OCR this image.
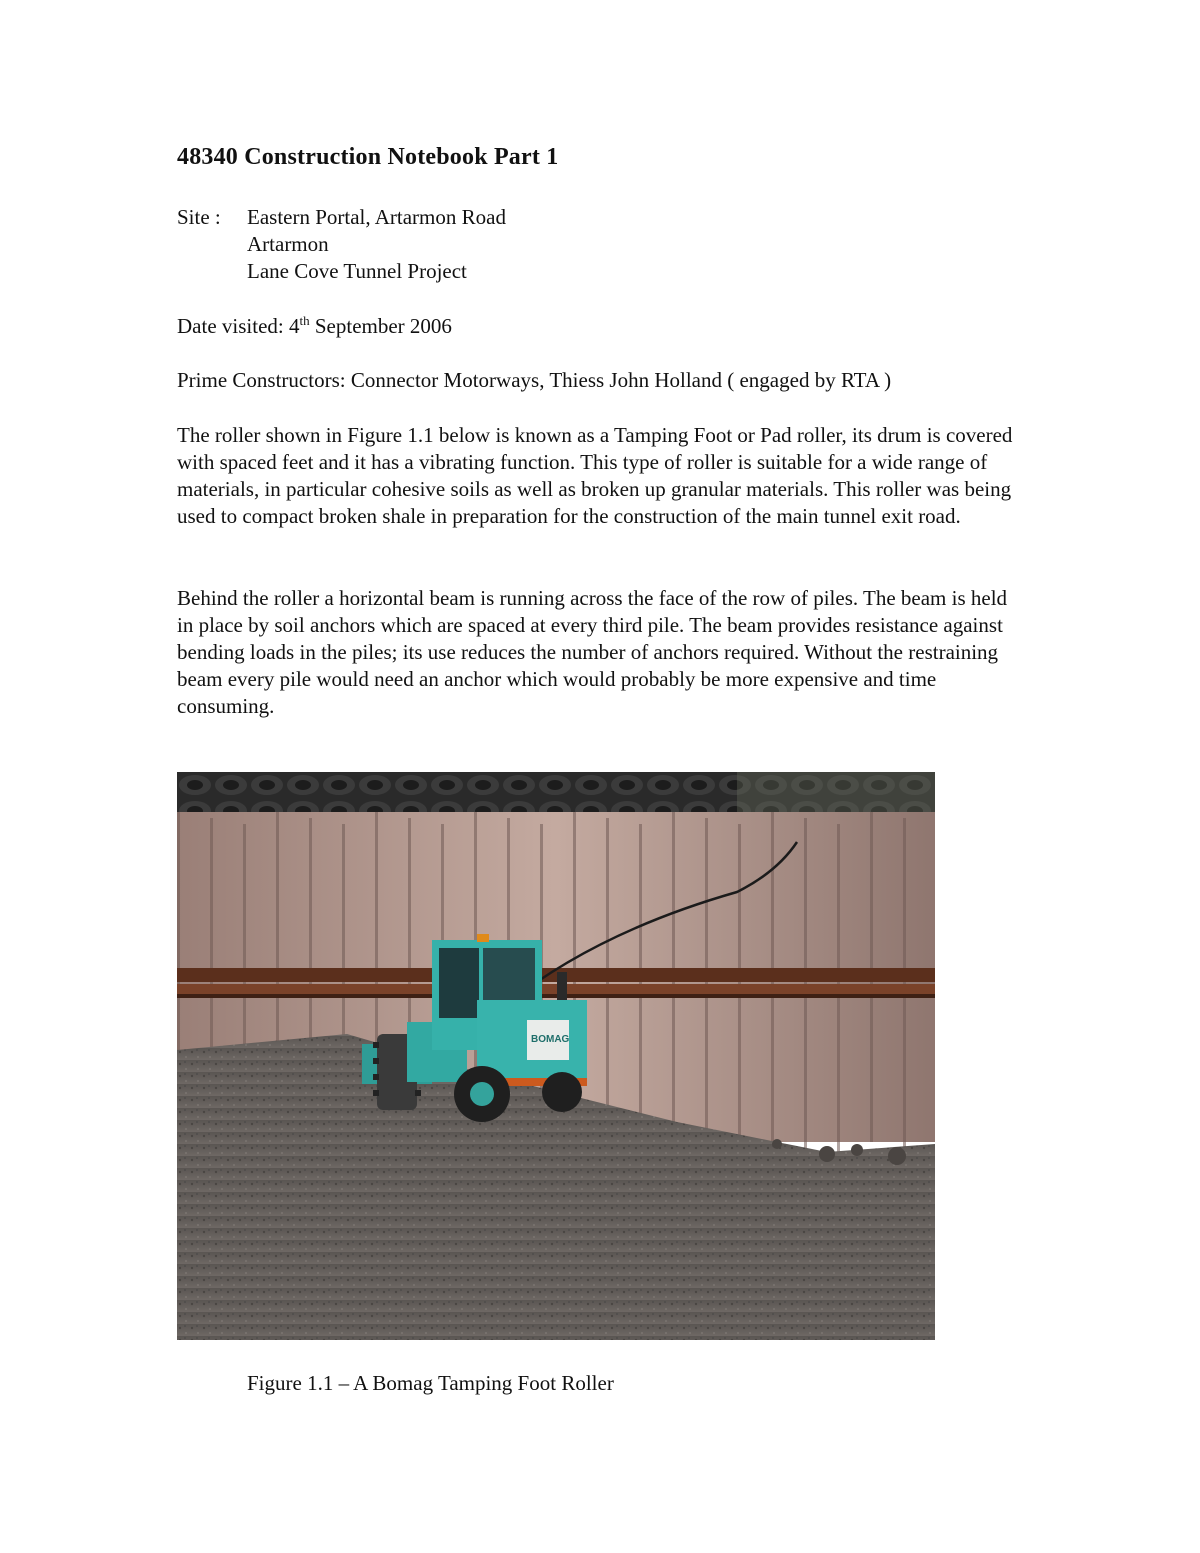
48340 Construction Notebook Part 1
Site :	Eastern Portal, Artarmon Road
Artarmon
Lane Cove Tunnel Project
Date visited: 4th September 2006
Prime Constructors: Connector Motorways, Thiess John Holland ( engaged by RTA )

The roller shown in Figure 1.1 below is known as a Tamping Foot or Pad roller, its drum is covered with spaced feet and it has a vibrating function. This type of roller is suitable for a wide range of materials, in particular cohesive soils as well as broken up granular materials. This roller was being used to compact broken shale in preparation for the construction of the main tunnel exit road.

Behind the roller a horizontal beam is running across the face of the row of piles. The beam is held in place by soil anchors which are spaced at every third pile. The beam provides resistance against bending loads in the piles; its use reduces the number of anchors required. Without the restraining beam every pile would need an anchor which would probably be more expensive and time consuming.

BOMAG
Figure 1.1 – A Bomag Tamping Foot Roller
